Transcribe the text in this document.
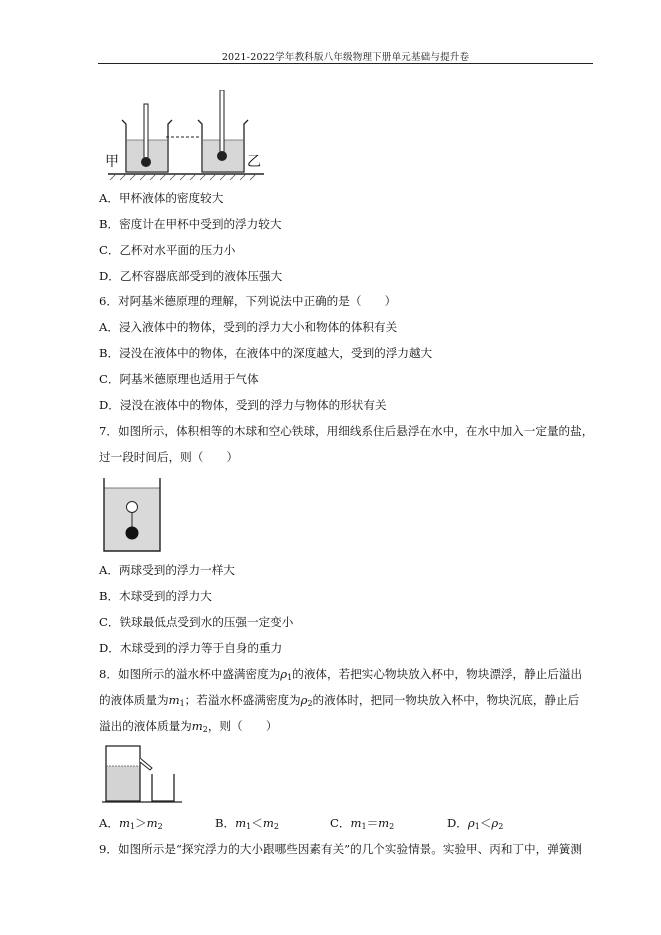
2021-2022学年教科版八年级物理下册单元基础与提升卷
甲	乙
A．甲杯液体的密度较大
B．密度计在甲杯中受到的浮力较大
C．乙杯对水平面的压力小
D．乙杯容器底部受到的液体压强大
6．对阿基米德原理的理解，下列说法中正确的是（　　）
A．浸入液体中的物体，受到的浮力大小和物体的体积有关
B．浸没在液体中的物体，在液体中的深度越大，受到的浮力越大
C．阿基米德原理也适用于气体
D．浸没在液体中的物体，受到的浮力与物体的形状有关
7．如图所示，体积相等的木球和空心铁球，用细线系住后悬浮在水中，在水中加入一定量的盐，
过一段时间后，则（　　）
A．两球受到的浮力一样大
B．木球受到的浮力大
C．铁球最低点受到水的压强一定变小
D．木球受到的浮力等于自身的重力
8．如图所示的溢水杯中盛满密度为$\rho_1$的液体，若把实心物块放入杯中，物块漂浮，静止后溢出
的液体质量为$m_1$；若溢水杯盛满密度为$\rho_2$的液体时，把同一物块放入杯中，物块沉底，静止后
溢出的液体质量为$m_2$，则（　　）
A．$m_1>m_2$	B．$m_1<m_2$	C．$m_1=m_2$	D．$\rho_1<\rho_2$
9．如图所示是“探究浮力的大小跟哪些因素有关”的几个实验情景。实验甲、丙和丁中，弹簧测
